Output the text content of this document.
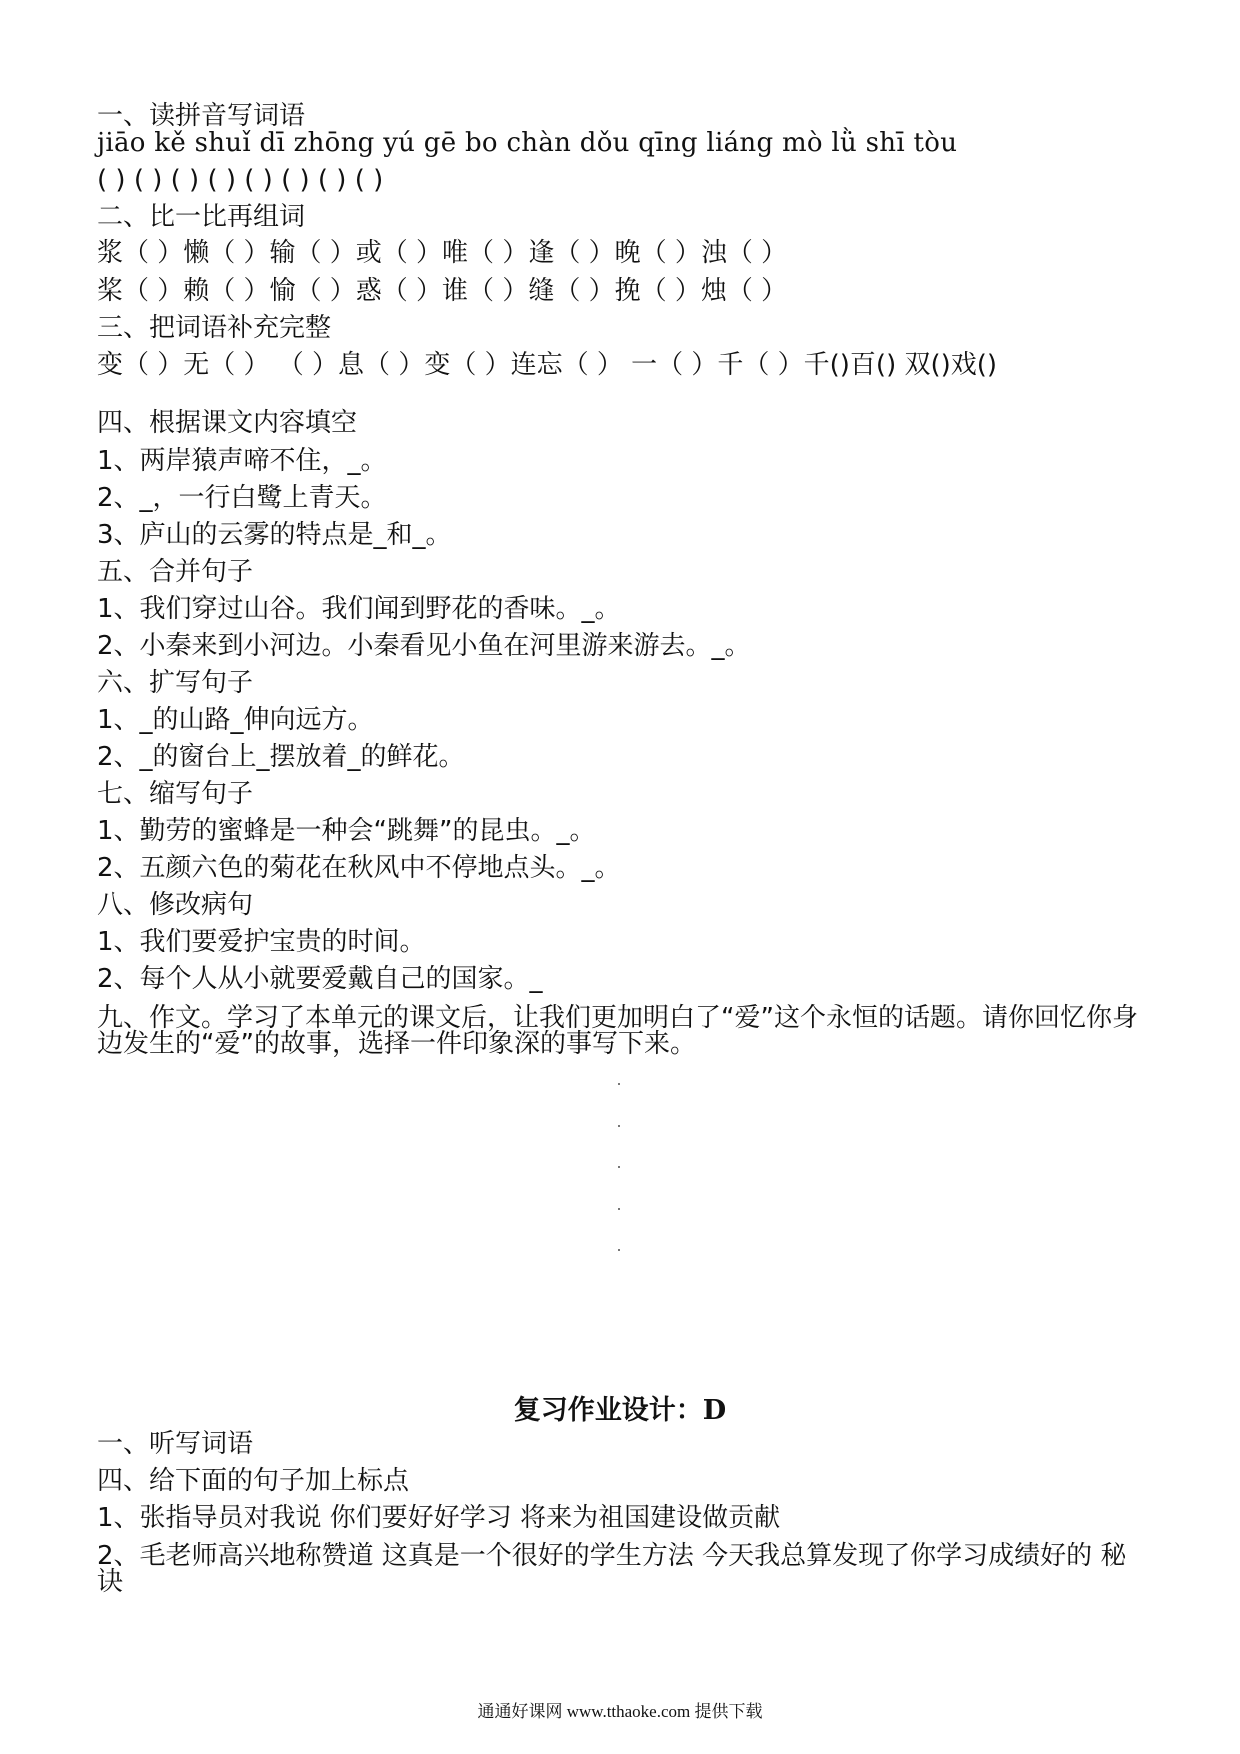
一、读拼音写词语
jiāo kě shuǐ dī zhōng yú gē bo chàn dǒu qīng liáng mò lǜ shī tòu
( ) ( ) ( ) ( ) ( ) ( ) ( ) ( )
二、比一比再组词
浆（ ）懒（ ）输（ ）或（ ）唯（ ）逢（ ）晚（ ）浊（ ）
桨（ ）赖（ ）愉（ ）惑（ ）谁（ ）缝（ ）挽（ ）烛（ ）
三、把词语补充完整
变（ ）无（ ） （ ）息（ ）变（ ）连忘（ ） 一（ ）千（ ）千()百() 双()戏()
四、根据课文内容填空
1、两岸猿声啼不住，_。
2、_，一行白鹭上青天。
3、庐山的云雾的特点是_和_。
五、合并句子
1、我们穿过山谷。我们闻到野花的香味。_。
2、小秦来到小河边。小秦看见小鱼在河里游来游去。_。
六、扩写句子
1、_的山路_伸向远方。
2、_的窗台上_摆放着_的鲜花。
七、缩写句子
1、勤劳的蜜蜂是一种会“跳舞”的昆虫。_。
2、五颜六色的菊花在秋风中不停地点头。_。
八、修改病句
1、我们要爱护宝贵的时间。
2、每个人从小就要爱戴自己的国家。_
九、作文。学习了本单元的课文后，让我们更加明白了“爱”这个永恒的话题。请你回忆你身边发生的“爱”的故事，选择一件印象深的事写下来。
复习作业设计：D
一、听写词语
四、给下面的句子加上标点
1、张指导员对我说 你们要好好学习 将来为祖国建设做贡献
2、毛老师高兴地称赞道 这真是一个很好的学生方法 今天我总算发现了你学习成绩好的 秘诀
通通好课网 www.tthaoke.com 提供下载
